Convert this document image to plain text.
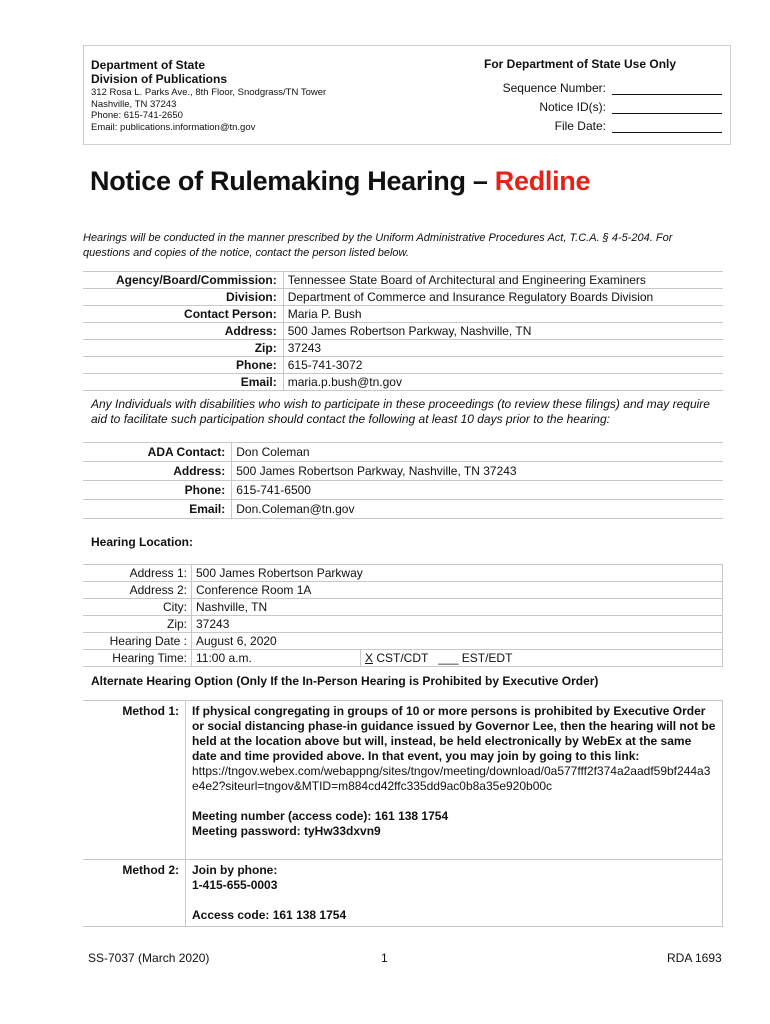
Department of State
Division of Publications
312 Rosa L. Parks Ave., 8th Floor, Snodgrass/TN Tower
Nashville, TN 37243
Phone: 615-741-2650
Email: publications.information@tn.gov
For Department of State Use Only
Sequence Number:
Notice ID(s):
File Date:
Notice of Rulemaking Hearing – Redline
Hearings will be conducted in the manner prescribed by the Uniform Administrative Procedures Act, T.C.A. § 4-5-204. For questions and copies of the notice, contact the person listed below.
Agency/Board/Commission:	Tennessee State Board of Architectural and Engineering Examiners
Division:	Department of Commerce and Insurance Regulatory Boards Division
Contact Person:	Maria P. Bush
Address:	500 James Robertson Parkway, Nashville, TN
Zip:	37243
Phone:	615-741-3072
Email:	maria.p.bush@tn.gov
Any Individuals with disabilities who wish to participate in these proceedings (to review these filings) and may require aid to facilitate such participation should contact the following at least 10 days prior to the hearing:
ADA Contact:	Don Coleman
Address:	500 James Robertson Parkway, Nashville, TN 37243
Phone:	615-741-6500
Email:	Don.Coleman@tn.gov
Hearing Location:
Address 1:	500 James Robertson Parkway	
Address 2:	Conference Room 1A	
City:	Nashville, TN	
Zip:	37243	
Hearing Date :	August 6, 2020	
Hearing Time:	11:00 a.m.	X CST/CDT ___ EST/EDT
Alternate Hearing Option (Only If the In-Person Hearing is Prohibited by Executive Order)
Method 1:	If physical congregating in groups of 10 or more persons is prohibited by Executive Order or social distancing phase-in guidance issued by Governor Lee, then the hearing will not be held at the location above but will, instead, be held electronically by WebEx at the same date and time provided above. In that event, you may join by going to this link:
https://tngov.webex.com/webappng/sites/tngov/meeting/download/0a577fff2f374a2aadf59bf244a3e4e2?siteurl=tngov&MTID=m884cd42ffc335dd9ac0b8a35e920b00c
Meeting number (access code): 161 138 1754
Meeting password: tyHw33dxvn9

Method 2:	Join by phone:
1-415-655-0003
Access code: 161 138 1754
SS-7037 (March 2020)	1	RDA 1693
